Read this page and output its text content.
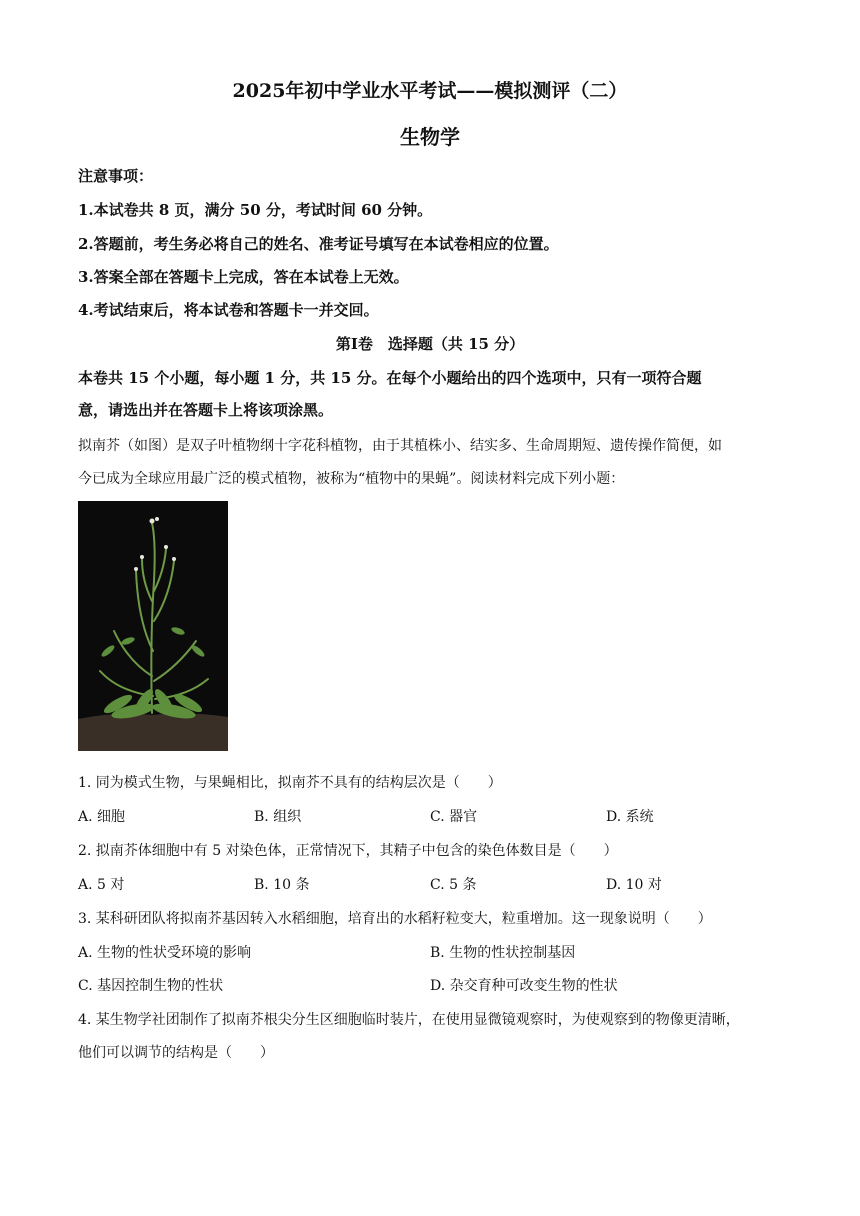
2025年初中学业水平考试——模拟测评（二）
生物学
注意事项：
1.本试卷共 8 页，满分 50 分，考试时间 60 分钟。
2.答题前，考生务必将自己的姓名、准考证号填写在本试卷相应的位置。
3.答案全部在答题卡上完成，答在本试卷上无效。
4.考试结束后，将本试卷和答题卡一并交回。
第Ⅰ卷　选择题（共 15 分）
本卷共 15 个小题，每小题 1 分，共 15 分。在每个小题给出的四个选项中，只有一项符合题
意，请选出并在答题卡上将该项涂黑。
拟南芥（如图）是双子叶植物纲十字花科植物，由于其植株小、结实多、生命周期短、遗传操作简便，如
今已成为全球应用最广泛的模式植物，被称为“植物中的果蝇”。阅读材料完成下列小题：
1. 同为模式生物，与果蝇相比，拟南芥不具有的结构层次是（　　）
A. 细胞	B. 组织	C. 器官	D. 系统
2. 拟南芥体细胞中有 5 对染色体，正常情况下，其精子中包含的染色体数目是（　　）
A. 5 对	B. 10 条	C. 5 条	D. 10 对
3. 某科研团队将拟南芥基因转入水稻细胞，培育出的水稻籽粒变大，粒重增加。这一现象说明（　　）
A. 生物的性状受环境的影响	B. 生物的性状控制基因
C. 基因控制生物的性状	D. 杂交育种可改变生物的性状
4. 某生物学社团制作了拟南芥根尖分生区细胞临时装片，在使用显微镜观察时，为使观察到的物像更清晰，
他们可以调节的结构是（　　）
